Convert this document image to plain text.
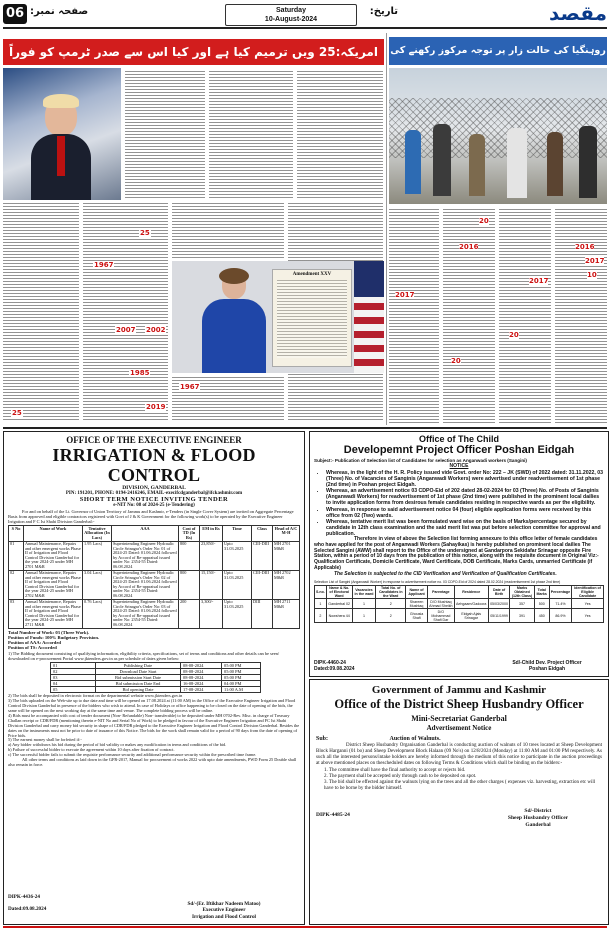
06 صفحہ نمبر:	Saturday
10-August-2024
تاریخ:	مقصد
امریکہ:25 ویں ترمیم کیا ہے اور کیا اس سے صدر ٹرمپ کو فوراً جا
25
1967
2007 2002
1985
2019
25
Amendment XXV
1967
روہنگیا کی حالت زار پر توجہ مرکوز رکھنے کی
2016
2017
10
2017
20
2016
20
2017
20
OFFICE OF THE EXECUTIVE ENGINEER
IRRIGATION & FLOOD CONTROL
DIVISION, GANDERBAL
PIN: 191201, PHONE: 0194-2416246, EMAIL-execifcdganderbal@ifckashmir.com
SHORT TERM NOTICE INVITING TENDER
e-NIT No: 08 of 2024-25 (e-Tendering)
For and on behalf of the Lt. Governor of Union Territory of Jammu and Kashmir, e-Tenders (in Single Cover System) are invited on Aggregate Percentage Basis from approved and eligible contractors registered with Govt of J & K Government for the following work(s) to be operated by the Executive Engineer Irrigation and F C Ist Shahi Division Ganderbal:-
S No	Name of Work	Tentative Allocation (In Lacs)	AAA	Cost of TD (In Rs)	EM in Rs	Time	Class	Head of A/C M-H
01	Annual Maintenance, Repairs and other emergent works Phase II of Irrigation and Flood Control Division Ganderbal for the year 2024-25 under MH 2701 M&R	1.95 Lacs)	Superintending Engineer Hydraulic Circle Srinagar's Order No: 01 of 2024-25 Dated: 01.06.2024 followed by Accord of Re-appraisal issued under No: 2354-55 Dated: 06.08.2024	800	23,850/-	Upto 31.03.2025	CIII-DIII	MH 2701 M&R
02	Annual Maintenance, Repairs and other emergent works Phase II of Irrigation and Flood Control Division Ganderbal for the year 2024-25 under MH 2702 M&R	3.04 Lacs)	Superintending Engineer Hydraulic Circle Srinagar's Order No: 02 of 2024-25 Dated: 01.06.2024 followed by Accord of Re-appraisal issued under No: 2354-55 Dated: 06.08.2024	800	15,150/-	Upto 31.03.2025	CIII-DIII	MH 2702 M&R
03	Annual Maintenance, Repairs and other emergent works Phase II of Irrigation and Flood Control Division Ganderbal for the year 2024-25 under MH 2711 M&R	0.76 Lacs)	Superintending Engineer Hydraulic Circle Srinagar's Order No: 03 of 2024-25 Dated: 01.06.2024 followed by Accord of Re-appraisal issued under No: 2354-55 Dated: 06.08.2024	200	3,300/-	Upto 31.03.2025	DIII	MH 2711 M&R
Total Number of Work: 03 (Three Work).
Position of Funds: 100% Budgetary Provision.
Position of AAA: Accorded
Position of TS: Accorded
1) The Bidding document consisting of qualifying information, eligibility criteria, specifications, set of terms and conditions and other details can be seen/ downloaded on e-procurement Portal www.jktenders.gov.in as per schedule of dates given below:
01	Publishing Date	08-08-2024	05:00 PM
02	Download Date Start	08-08-2024	05:00 PM
03	Bid submission Start Date	08-08-2024	05:00 PM
04	Bid submission Date End	16-08-2024	04:00 PM
05	Bid opening Date	17-08-2024	11:00 A.M
2) The bids shall be deposited in electronic format on the departmental website www.jktenders.gov.in
3) The bids uploaded on the Web-site up to due date and time will be opened on 17.08.2024 at (11:00 AM) in the Office of the Executive Engineer Irrigation and Flood Control Division Ganderbal in presence of the bidders who wish to attend. In case of Holidays or office happening to be closed on the date of opening of the bids, the same will be opened on the next working day at the same time and venue. The complete bidding process will be online.
4) Bids must be accompanied with cost of tender document (Non- Refundable) Non- transferable) to be deposited under MH 0702-Rev. Misc. in charge of Treasury Challan receipt or CDR/FDR (mentioning therein e-NIT No and Serial No of Work) to be pledged in favour of the Executive Engineer Irrigation and FC Ist Shahi Division Ganderbal and carry money bid security in shape of CDR/FDR pledged to the Executive Engineer Irrigation and Flood Control Division Ganderbal. Besides the dates on the instruments must not be prior to date of issuance of this Notice. The bids for the work shall remain valid for a period of 90 days from the date of opening of Price bids.
5) The earnest money shall be forfeited if:-
a) Any bidder withdraws his bid during the period of bid validity or makes any modification in terms and conditions of the bid.
b) Failure of successful bidder to execute the agreement within 10 days after fixation of contract.
c) The successful bidder fails to submit the requisite performance security and additional performance security within the prescribed time frame.
All other terms and conditions as laid down in the GFR-2017, Manual for procurement of works 2022 with upto date amendments, PWD Form 25 Double shall also remain in force.
DIPK-4436-24
Dated:09.08.2024
Sd/-(Er. Iftikhar Nadeem Matoo)
Executive Engineer
Irrigation and Flood Control
Office of The Child
Developemnt Project Officer Poshan Eidgah
Subject:- Publication of Selection list of Candidates for selection as Anganwadi workers (Sangini)
NOTICE
• Whereas, in the light of the H. R. Policy issued vide Govt. order No: 222 – JK (SWD) of 2022 dated: 31.11.2022, 03 (Three) No. of Vacancies of Sanginis (Anganwadi Workers) were advertised under readvertisement of 1st phase (2nd time) in Poshan project Eidgah.
• Whereas, an advertisement notice 03 CDPO-Eid of 202 dated 28-02-2024 for 03 (Three) No. of Posts of Sanginis (Anganwadi Workers) for readvertisement of 1st phase (2nd time) were published in the prominent local dailies to invite application forms from desirous female candidates residing in respective wards as per the eligibility.
• Whereas, in response to said advertisement notice 04 (four) eligible application forms were received by this office from 02 (Two) wards.
• Whereas, tentative merit list was been formulated ward wise on the basis of Marks/percentage secured by candidate in 12th class examination and the said merit list was put before selection committee for approval and publication.
Therefore in view of above the Selection list forming annexure to this office letter of female candidates who have applied for the post of Anganwadi Workers (Sahayikas) is hereby published on prominent local dailies The Selected Sangini (AWW) shall report to the Office of the undersigned at Gandarpora Sekidafar Srinagar opposite Fire Station, within a period of 10 days from the publication of this notice, along with the requisite document in Original Viz:- Qualification Certificate, Domicile Certificate, Ward Certificate, DOB Certificate, Marks Cards, unmarried Certificate (if Applicable)
The Selection is subjected to the CID Verification and Verification of Qualification Certificates.
Selection List of Sangini (Anganwadi Worker) in response to advertisement notice no. 03 CDPO-Eid of 2024 dated 28.02.2024 (readvertisement 1st phase 2nd time)
S.no.	Name & No. of Electoral Ward	Vacancies in the ward	Total No. of Candidates in the Ward	Name of Applicant	Parentage	Residence	Date of Birth	Marks Obtained (12th Class)	Total Marks	Percentage	Identification of Eligible Candidate
1	Ganderbal 02	1	2	Shareen Mushtaq	D/O Mushtaq Ahmad Sheikh	Aehgaam/Gadoora	05/03/2000	357	500	71.4%	Yes
2	Nowshera 44	1	2	Ghousia Shafi	D/O Mohammad Shafi Dar	Eidgah Ajais Srinagar	05/11/1999	391	450	86.9%	Yes
DIPK-4460-24
Dated:09.08.2024
Sd/-Child Dev. Project Officer
Poshan Eidgah
Government of Jammu and Kashmir
Office of the District Sheep Husbandry Officer
Mini-Secretariat Ganderbal
Advertisement Notice
Sub:	Auction of Walnuts.
District Sheep Husbandry Organisation Ganderbal is conducting auction of walnuts of 10 trees located at Sheep Development Block Harganni (01 bo) and Sheep Development Block Halaan (09 No's) on 12/8/2024 (Monday) at 11:00 AM and 01:00 PM respectively. As such all the interested persons/intake holders are hereby informed through the medium of this notice to participate in the auction proceedings at above mentioned places on thescheduled dates on following Terms & Conditions which shall be binding on the bidders:-
1. The committee shall have the final authority to accept or rejects bid.
2. The payment shall be accepted only through cash to be deposited on spot.
3. The bid shall be effected against the walnuts lying on the trees and all the other charges ( expenses viz. harvesting, extraction etc will have to be borne by the bidder himself.
DIPK-4485-24
Sd/-District
Sheep Husbandry Officer
Ganderbal
